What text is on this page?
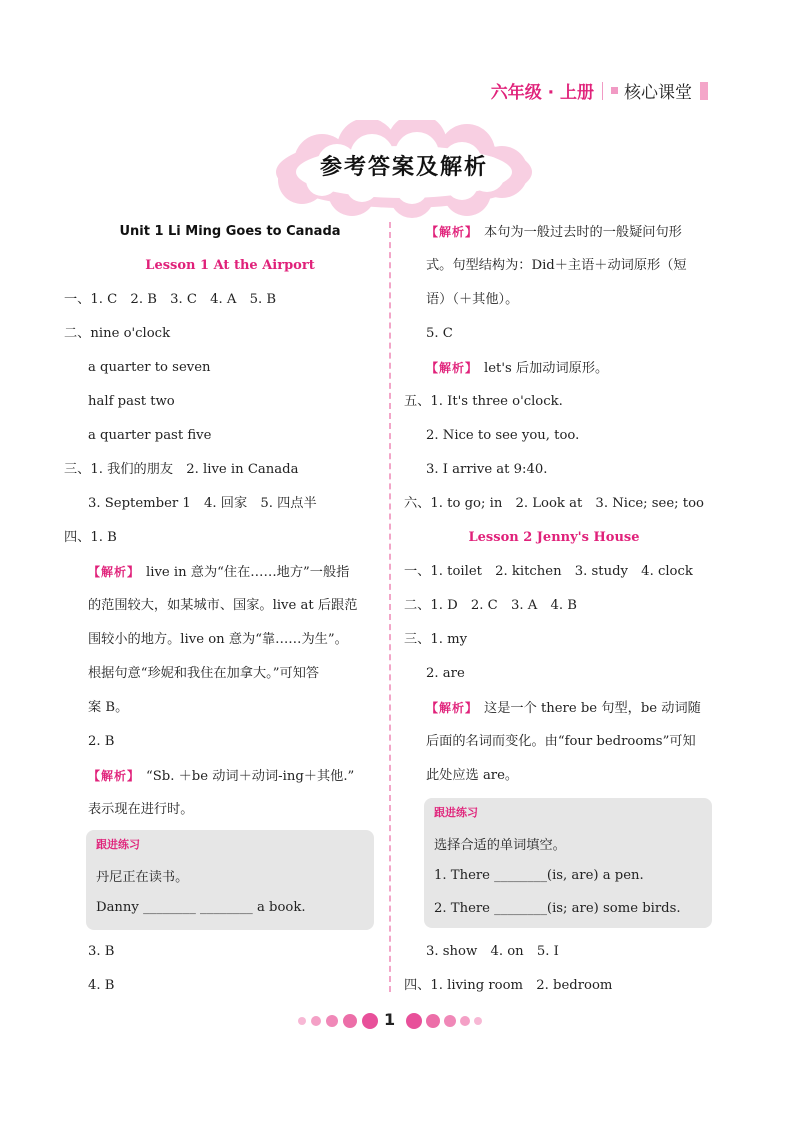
六年级 · 上册 核心课堂
参考答案及解析
Unit 1 Li Ming Goes to Canada
Lesson 1 At the Airport
一、1. C　2. B　3. C　4. A　5. B
二、nine o'clock
a quarter to seven
half past two
a quarter past five
三、1. 我们的朋友　2. live in Canada
3. September 1　4. 回家　5. 四点半
四、1. B
【解析】 live in 意为“住在……地方”一般指
的范围较大，如某城市、国家。live at 后跟范
围较小的地方。live on 意为“靠……为生”。
根据句意“珍妮和我住在加拿大。”可知答
案 B。
2. B
【解析】 “Sb. ＋be 动词＋动词-ing＋其他.”
表示现在进行时。
跟进练习
丹尼正在读书。
Danny ________ ________ a book.
3. B
4. B
【解析】 本句为一般过去时的一般疑问句形
式。句型结构为：Did＋主语＋动词原形（短
语）（＋其他）。
5. C
【解析】 let's 后加动词原形。
五、1. It's three o'clock.
2. Nice to see you, too.
3. I arrive at 9:40.
六、1. to go; in　2. Look at　3. Nice; see; too
Lesson 2 Jenny's House
一、1. toilet　2. kitchen　3. study　4. clock
二、1. D　2. C　3. A　4. B
三、1. my
2. are
【解析】 这是一个 there be 句型，be 动词随
后面的名词而变化。由“four bedrooms”可知
此处应选 are。
跟进练习
选择合适的单词填空。
1. There ________(is, are) a pen.
2. There ________(is; are) some birds.
3. show　4. on　5. I
四、1. living room　2. bedroom
1
